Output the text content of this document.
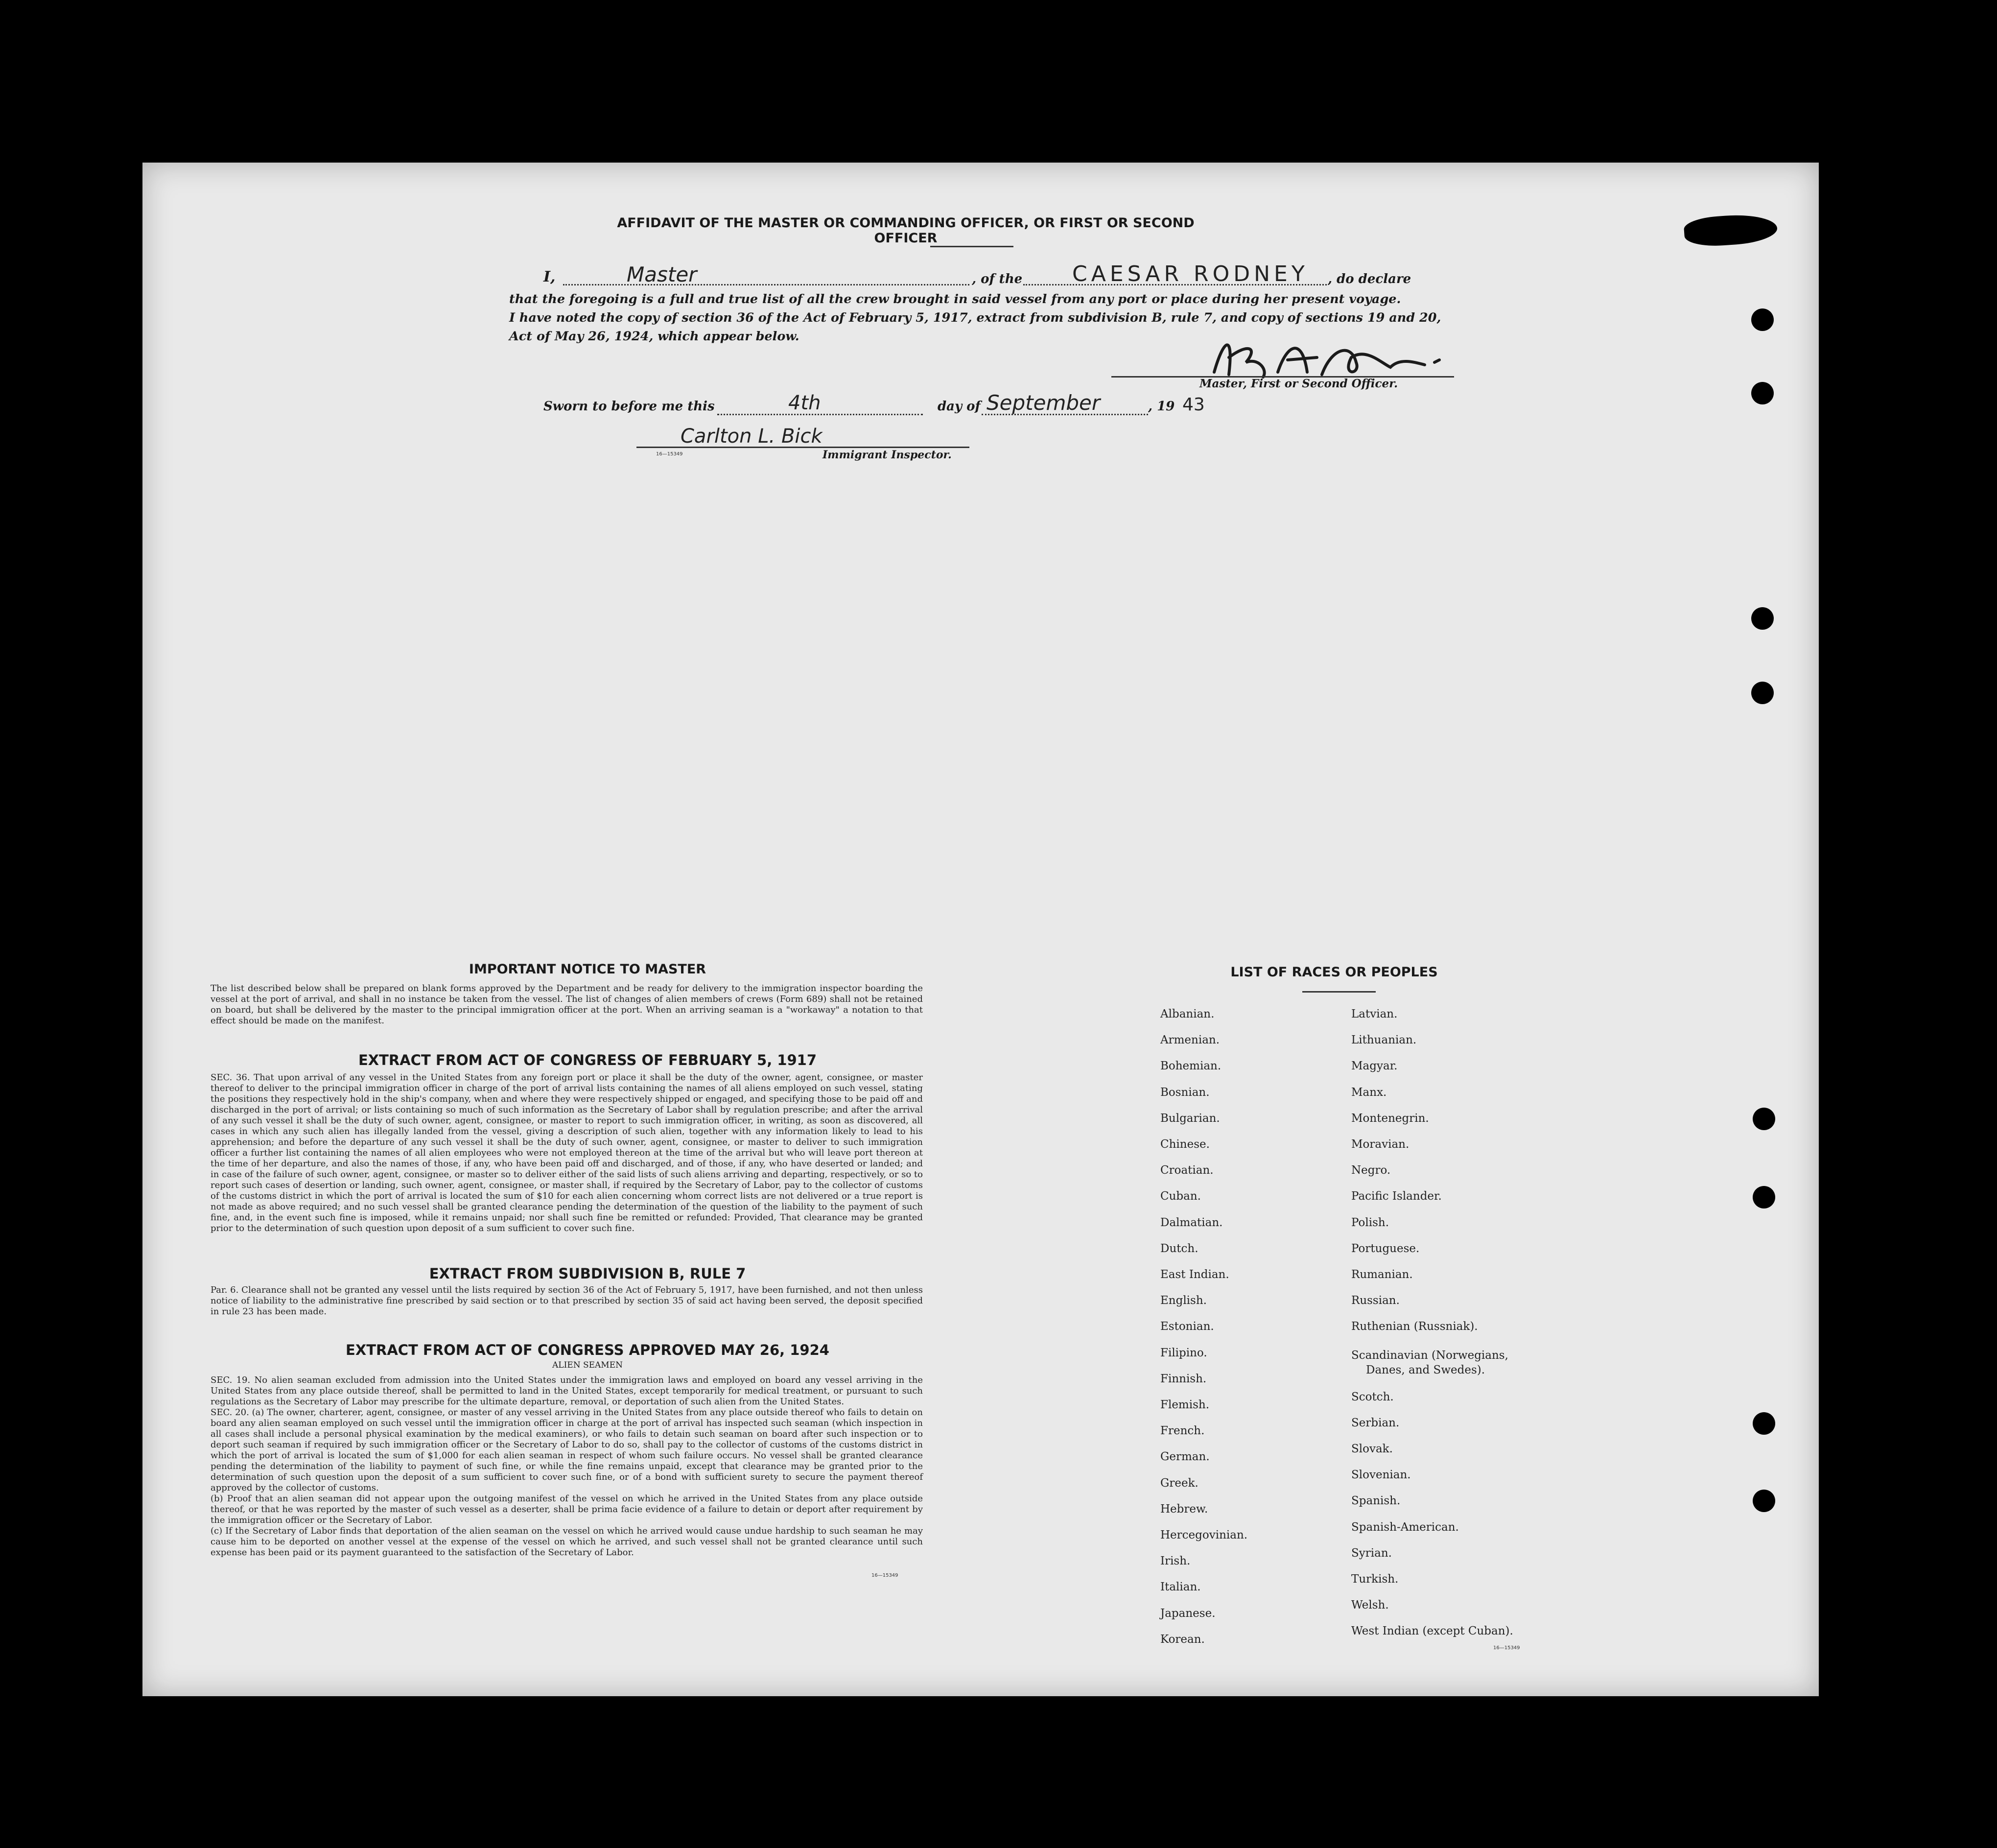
AFFIDAVIT OF THE MASTER OR COMMANDING OFFICER, OR FIRST OR SECOND OFFICER
I,	Master	, of the CAESAR RODNEY , do declare
that the foregoing is a full and true list of all the crew brought in said vessel from any port or place during her present voyage.
I have noted the copy of section 36 of the Act of February 5, 1917, extract from subdivision B, rule 7, and copy of sections 19 and 20,
Act of May 26, 1924, which appear below.
Master, First or Second Officer.
Sworn to before me this	4th	day of September	, 19 43
Carlton L. Bick
16—15349	Immigrant Inspector.
IMPORTANT NOTICE TO MASTER
The list described below shall be prepared on blank forms approved by the Department and be ready for delivery to the immigration inspector boarding the vessel at the port of arrival, and shall in no instance be taken from the vessel. The list of changes of alien members of crews (Form 689) shall not be retained on board, but shall be delivered by the master to the principal immigration officer at the port. When an arriving seaman is a "workaway" a notation to that effect should be made on the manifest.
EXTRACT FROM ACT OF CONGRESS OF FEBRUARY 5, 1917
SEC. 36. That upon arrival of any vessel in the United States from any foreign port or place it shall be the duty of the owner, agent, consignee, or master thereof to deliver to the principal immigration officer in charge of the port of arrival lists containing the names of all aliens employed on such vessel, stating the positions they respectively hold in the ship's company, when and where they were respectively shipped or engaged, and specifying those to be paid off and discharged in the port of arrival; or lists containing so much of such information as the Secretary of Labor shall by regulation prescribe; and after the arrival of any such vessel it shall be the duty of such owner, agent, consignee, or master to report to such immigration officer, in writing, as soon as discovered, all cases in which any such alien has illegally landed from the vessel, giving a description of such alien, together with any information likely to lead to his apprehension; and before the departure of any such vessel it shall be the duty of such owner, agent, consignee, or master to deliver to such immigration officer a further list containing the names of all alien employees who were not employed thereon at the time of the arrival but who will leave port thereon at the time of her departure, and also the names of those, if any, who have been paid off and discharged, and of those, if any, who have deserted or landed; and in case of the failure of such owner, agent, consignee, or master so to deliver either of the said lists of such aliens arriving and departing, respectively, or so to report such cases of desertion or landing, such owner, agent, consignee, or master shall, if required by the Secretary of Labor, pay to the collector of customs of the customs district in which the port of arrival is located the sum of $10 for each alien concerning whom correct lists are not delivered or a true report is not made as above required; and no such vessel shall be granted clearance pending the determination of the question of the liability to the payment of such fine, and, in the event such fine is imposed, while it remains unpaid; nor shall such fine be remitted or refunded: Provided, That clearance may be granted prior to the determination of such question upon deposit of a sum sufficient to cover such fine.
EXTRACT FROM SUBDIVISION B, RULE 7
Par. 6. Clearance shall not be granted any vessel until the lists required by section 36 of the Act of February 5, 1917, have been furnished, and not then unless notice of liability to the administrative fine prescribed by said section or to that prescribed by section 35 of said act having been served, the deposit specified in rule 23 has been made.
EXTRACT FROM ACT OF CONGRESS APPROVED MAY 26, 1924
ALIEN SEAMEN
SEC. 19. No alien seaman excluded from admission into the United States under the immigration laws and employed on board any vessel arriving in the United States from any place outside thereof, shall be permitted to land in the United States, except temporarily for medical treatment, or pursuant to such regulations as the Secretary of Labor may prescribe for the ultimate departure, removal, or deportation of such alien from the United States.
SEC. 20. (a) The owner, charterer, agent, consignee, or master of any vessel arriving in the United States from any place outside thereof who fails to detain on board any alien seaman employed on such vessel until the immigration officer in charge at the port of arrival has inspected such seaman (which inspection in all cases shall include a personal physical examination by the medical examiners), or who fails to detain such seaman on board after such inspection or to deport such seaman if required by such immigration officer or the Secretary of Labor to do so, shall pay to the collector of customs of the customs district in which the port of arrival is located the sum of $1,000 for each alien seaman in respect of whom such failure occurs. No vessel shall be granted clearance pending the determination of the liability to payment of such fine, or while the fine remains unpaid, except that clearance may be granted prior to the determination of such question upon the deposit of a sum sufficient to cover such fine, or of a bond with sufficient surety to secure the payment thereof approved by the collector of customs.
(b) Proof that an alien seaman did not appear upon the outgoing manifest of the vessel on which he arrived in the United States from any place outside thereof, or that he was reported by the master of such vessel as a deserter, shall be prima facie evidence of a failure to detain or deport after requirement by the immigration officer or the Secretary of Labor.
(c) If the Secretary of Labor finds that deportation of the alien seaman on the vessel on which he arrived would cause undue hardship to such seaman he may cause him to be deported on another vessel at the expense of the vessel on which he arrived, and such vessel shall not be granted clearance until such expense has been paid or its payment guaranteed to the satisfaction of the Secretary of Labor.
16—15349
LIST OF RACES OR PEOPLES
Albanian.
Armenian.
Bohemian.
Bosnian.
Bulgarian.
Chinese.
Croatian.
Cuban.
Dalmatian.
Dutch.
East Indian.
English.
Estonian.
Filipino.
Finnish.
Flemish.
French.
German.
Greek.
Hebrew.
Hercegovinian.
Irish.
Italian.
Japanese.
Korean.
Latvian.
Lithuanian.
Magyar.
Manx.
Montenegrin.
Moravian.
Negro.
Pacific Islander.
Polish.
Portuguese.
Rumanian.
Russian.
Ruthenian (Russniak).
Scandinavian (Norwegians,
Danes, and Swedes).
Scotch.
Serbian.
Slovak.
Slovenian.
Spanish.
Spanish-American.
Syrian.
Turkish.
Welsh.
West Indian (except Cuban).
16—15349
